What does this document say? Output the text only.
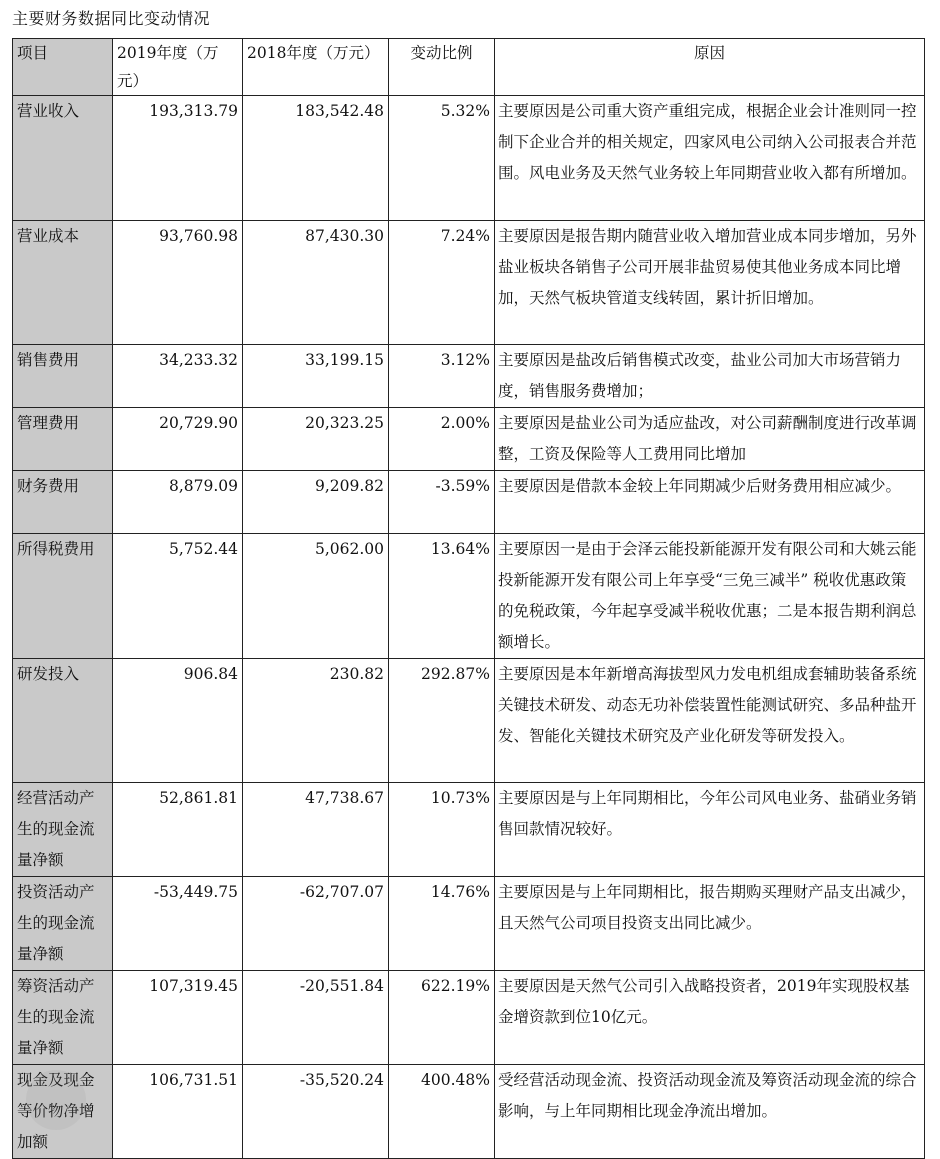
主要财务数据同比变动情况
项目	2019年度（万元）	2018年度（万元）	变动比例	原因
营业收入	193,313.79	183,542.48	5.32%	主要原因是公司重大资产重组完成，根据企业会计准则同一控制下企业合并的相关规定，四家风电公司纳入公司报表合并范围。风电业务及天然气业务较上年同期营业收入都有所增加。
营业成本	93,760.98	87,430.30	7.24%	主要原因是报告期内随营业收入增加营业成本同步增加，另外盐业板块各销售子公司开展非盐贸易使其他业务成本同比增加，天然气板块管道支线转固，累计折旧增加。
销售费用	34,233.32	33,199.15	3.12%	主要原因是盐改后销售模式改变，盐业公司加大市场营销力度，销售服务费增加；
管理费用	20,729.90	20,323.25	2.00%	主要原因是盐业公司为适应盐改，对公司薪酬制度进行改革调整，工资及保险等人工费用同比增加
财务费用	8,879.09	9,209.82	-3.59%	主要原因是借款本金较上年同期减少后财务费用相应减少。
所得税费用	5,752.44	5,062.00	13.64%	主要原因一是由于会泽云能投新能源开发有限公司和大姚云能投新能源开发有限公司上年享受“三免三减半” 税收优惠政策的免税政策，今年起享受减半税收优惠；二是本报告期利润总额增长。
研发投入	906.84	230.82	292.87%	主要原因是本年新增高海拔型风力发电机组成套辅助装备系统关键技术研发、动态无功补偿装置性能测试研究、多品种盐开发、智能化关键技术研究及产业化研发等研发投入。
经营活动产生的现金流量净额	52,861.81	47,738.67	10.73%	主要原因是与上年同期相比，今年公司风电业务、盐硝业务销售回款情况较好。
投资活动产生的现金流量净额	-53,449.75	-62,707.07	14.76%	主要原因是与上年同期相比，报告期购买理财产品支出减少，且天然气公司项目投资支出同比减少。
筹资活动产生的现金流量净额	107,319.45	-20,551.84	622.19%	主要原因是天然气公司引入战略投资者，2019年实现股权基金增资款到位10亿元。
现金及现金等价物净增加额	106,731.51	-35,520.24	400.48%	受经营活动现金流、投资活动现金流及筹资活动现金流的综合影响，与上年同期相比现金净流出增加。
